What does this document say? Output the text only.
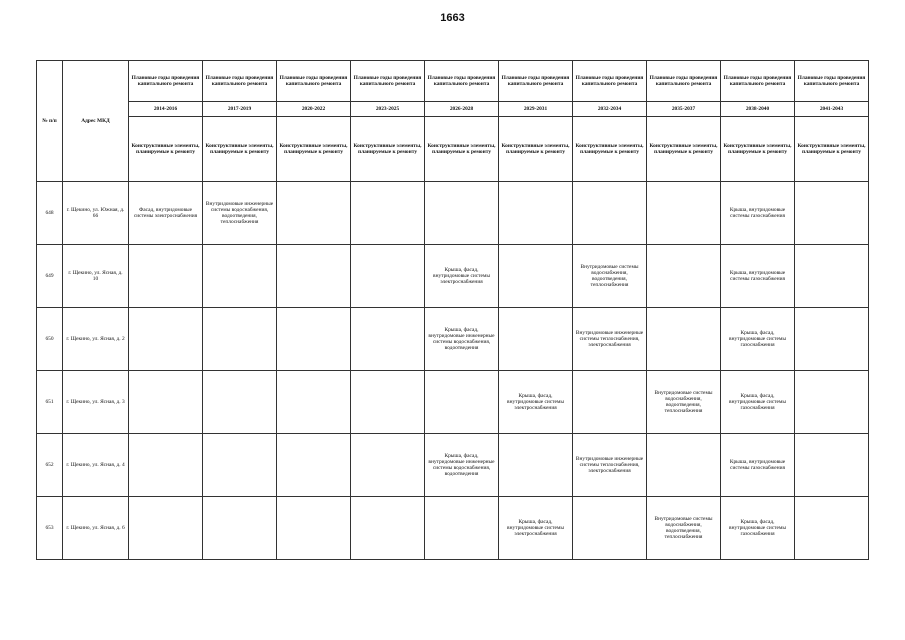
1663
№ п/п	Адрес МКД	Плановые годы проведения капитального ремонта	Плановые годы проведения капитального ремонта	Плановые годы проведения капитального ремонта	Плановые годы проведения капитального ремонта	Плановые годы проведения капитального ремонта	Плановые годы проведения капитального ремонта	Плановые годы проведения капитального ремонта	Плановые годы проведения капитального ремонта	Плановые годы проведения капитального ремонта	Плановые годы проведения капитального ремонта
		2014-2016	2017-2019	2020-2022	2023-2025	2026-2028	2029-2031	2032-2034	2035-2037	2038-2040	2041-2043
		Конструктивные элементы, планируемые к ремонту	Конструктивные элементы, планируемые к ремонту	Конструктивные элементы, планируемые к ремонту	Конструктивные элементы, планируемые к ремонту	Конструктивные элементы, планируемые к ремонту	Конструктивные элементы, планируемые к ремонту	Конструктивные элементы, планируемые к ремонту	Конструктивные элементы, планируемые к ремонту	Конструктивные элементы, планируемые к ремонту	Конструктивные элементы, планируемые к ремонту
648	г. Щекино, ул. Южная, д. 66	Фасад, внутридомовые системы электроснабжения	Внутридомовые инженерные системы водоснабжения, водоотведения, теплоснабжения							Крыша, внутридомовые системы газоснабжения	
649	г. Щекино, ул. Ясная, д. 10					Крыша, фасад, внутридомовые системы электроснабжения		Внутридомовые системы водоснабжения, водоотведения, теплоснабжения		Крыша, внутридомовые системы газоснабжения	
650	г. Щекино, ул. Ясная, д. 2					Крыша, фасад, внутридомовые инженерные системы водоснабжения, водоотведения		Внутридомовые инженерные системы теплоснабжения, электроснабжения		Крыша, фасад, внутридомовые системы газоснабжения	
651	г. Щекино, ул. Ясная, д. 3						Крыша, фасад, внутридомовые системы электроснабжения		Внутридомовые системы водоснабжения, водоотведения, теплоснабжения	Крыша, фасад, внутридомовые системы газоснабжения	
652	г. Щекино, ул. Ясная, д. 4					Крыша, фасад, внутридомовые инженерные системы водоснабжения, водоотведения		Внутридомовые инженерные системы теплоснабжения, электроснабжения		Крыша, внутридомовые системы газоснабжения	
653	г. Щекино, ул. Ясная, д. 6						Крыша, фасад, внутридомовые системы электроснабжения		Внутридомовые системы водоснабжения, водоотведения, теплоснабжения	Крыша, фасад, внутридомовые системы газоснабжения	
